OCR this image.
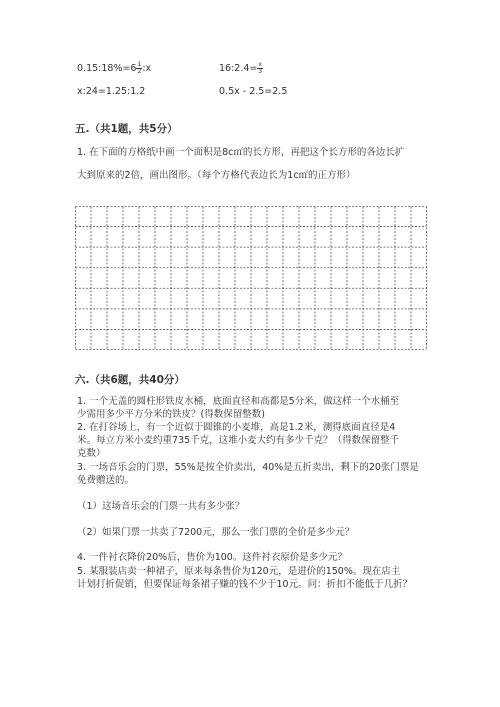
0.15:18%=6 $\frac{1}{2}$ :x	16:2.4= $\frac{x}{3}$
x:24=1.25:1.2	0.5x - 2.5=2.5
五.（共1题，共5分）
1. 在下面的方格纸中画一个面积是8c㎡的长方形，再把这个长方形的各边长扩
大到原来的2倍，画出图形。（每个方格代表边长为1c㎡的正方形）
六.（共6题，共40分）
1. 一个无盖的圆柱形铁皮水桶，底面直径和高都是5分米，做这样一个水桶至
少需用多少平方分米的铁皮？(得数保留整数)
2. 在打谷场上，有一个近似于圆锥的小麦堆，高是1.2米，测得底面直径是4
米。每立方米小麦约重735千克，这堆小麦大约有多少千克？（得数保留整千
克数）
3. 一场音乐会的门票，55%是按全价卖出，40%是五折卖出，剩下的20张门票是
免费赠送的。
（1）这场音乐会的门票一共有多少张？
（2）如果门票一共卖了7200元，那么一张门票的全价是多少元？
4. 一件衬衣降价20%后，售价为100。这件衬衣原价是多少元？
5. 某服装店卖一种裙子，原来每条售价为120元，是进价的150%。现在店主
计划打折促销，但要保证每条裙子赚的钱不少于10元。问：折扣不能低于几折？
